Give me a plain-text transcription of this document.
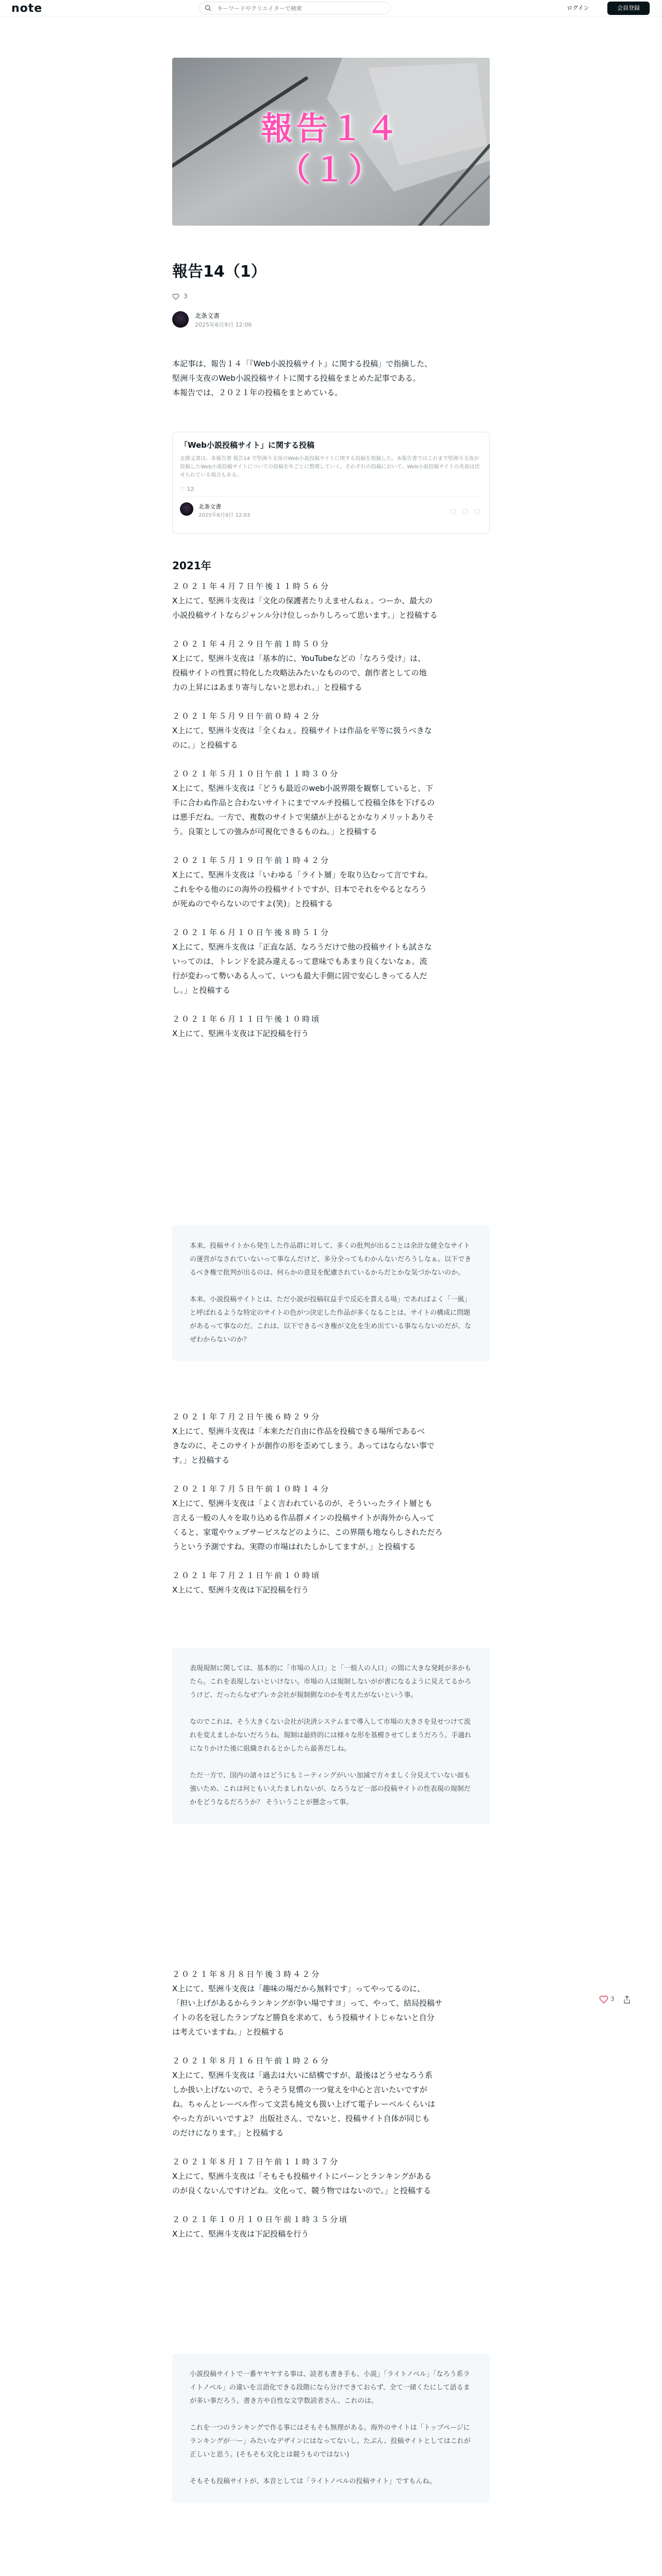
note
キーワードやクリエイターで検索	ログイン	会員登録
報告１４
（１）
報告14（1）
3
北条文書
2025年6月9日 12:06
本記事は、報告１４「『Web小説投稿サイト』に関する投稿」で指摘した、
堅洲斗支夜のWeb小説投稿サイトに関する投稿をまとめた記事である。
本報告では、２０２１年の投稿をまとめている。
「Web小説投稿サイト」に関する投稿
北條文書は、本報告書 報告14 で堅洲斗支夜のWeb小説投稿サイトに関する投稿を指摘した。本報告書ではこれまで堅洲斗支夜が投稿したWeb小説投稿サイトについての投稿を年ごとに整理していく。それぞれの投稿において、Web小説投稿サイトの名前は伏せられている場合もある。
♡ 12
北条文書
2025年6月9日 12:03
▢ ▢ ▢
2021年
２０２１年４月７日午後１１時５６分
X上にて、堅洲斗支夜は「文化の保護者たりえませんねぇ。つーか、最大の
小説投稿サイトならジャンル分け位しっかりしろって思います。」と投稿する
２０２１年４月２９日午前１時５０分
X上にて、堅洲斗支夜は「基本的に、YouTubeなどの「なろう受け」は、
投稿サイトの性質に特化した攻略法みたいなものので、創作者としての地
力の上昇にはあまり寄与しないと思われ。」と投稿する
２０２１年５月９日午前０時４２分
X上にて、堅洲斗支夜は「全くねぇ。投稿サイトは作品を平等に扱うべきな
のに。」と投稿する
２０２１年５月１０日午前１１時３０分
X上にて、堅洲斗支夜は「どうも最近のweb小説界隈を観察していると、下
手に合わぬ作品と合わないサイトにまでマルチ投稿して投稿全体を下げるの
は悪手だね。一方で、複数のサイトで実績が上がるとかなりメリットありそ
う。良策としての強みが可視化できるものね。」と投稿する
２０２１年５月１９日午前１時４２分
X上にて、堅洲斗支夜は「いわゆる「ライト層」を取り込むって言ですね。
これをやる他のにの海外の投稿サイトですが、日本でそれをやるとなろう
が死ぬのでやらないのですよ(笑)」と投稿する
２０２１年６月１０日午後８時５１分
X上にて、堅洲斗支夜は「正直な話、なろうだけで他の投稿サイトも試さな
いってのは、トレンドを読み違えるって意味でもあまり良くないなぁ。流
行が変わって勢いある人って、いつも最大手側に固で安心しきってる人だ
し。」と投稿する
２０２１年６月１１日午後１０時頃
X上にて、堅洲斗支夜は下記投稿を行う

本来、投稿サイトから発生した作品群に対して、多くの批判が出ることは余計な健全なサイトの運営がなされていないって事なんだけど、多分全ってもわかんないだろうしなぁ。以下できるべき権で批判が出るのは、何らかの意見を配慮されているからだとかな気づかないのか。

本来、小説投稿サイトとは、ただ小説が投稿収益手で反応を貰える場」であればよく「一風」と呼ばれるような特定のサイトの色がつ決定した作品が多くなることは、サイトの構成に問題があるって事なのだ。これは、以下できるべき権が文化を生め出ている事ならないのだが、なぜわからないのか？

２０２１年７月２日午後６時２９分
X上にて、堅洲斗支夜は「本来ただ自由に作品を投稿できる場所であるべ
きなのに、そこのサイトが創作の形を歪めてしまう。あってはならない事で
す。」と投稿する
２０２１年７月５日午前１０時１４分
X上にて、堅洲斗支夜は「よく言われているのが、そういったライト層とも
言える一般の人々を取り込める作品群メインの投稿サイトが海外から入って
くると、家電やウェブサービスなどのように、この界隈も地ならしされただろ
うという予測ですね。実際の市場はれたしかしてますが。」と投稿する
２０２１年７月２１日午前１０時頃
X上にて、堅洲斗支夜は下記投稿を行う

表現規制に関しては、基本的に「市場の人口」と「一般人の人口」の間に大きな発耗が多かもたら。これを表現しないといけない。市場の人は規制しないがが書になるように見えてるかろうけど、だったらなぜプレカ会社が規制側なのかを考えたがないという事。

なのでこれは、そう大きくない会社が決済システムまで導入して市場の大きさを見せつけて流れを変えましかないだろうね。規制は最終的には様々な形を基模させてしまうだろう。手適れになりかけた後に組織されるとかしたら最善だしね。

ただ一方で、国内の諸々はどうにもミーティングがいい加減で方々ましく分見えていない面も強いため、これは何ともいえたましれないが、なろうなど一部の投稿サイトの性表現の規制だかをどうなるだろうか？ そういうことが懸念って事。

２０２１年８月８日午後３時４２分
X上にて、堅洲斗支夜は「趣味の場だから無料です」ってやってるのに、
「担い上げがあるからランキングが争い場ですヨ」って、やって、結局投稿サ
イトの名を冠したランプなど勝負を求めて、もう投稿サイトじゃないと自分
は考えていますね。」と投稿する
２０２１年８月１６日午前１時２６分
X上にて、堅洲斗支夜は「過去は大いに結構ですが、最後はどうせなろう系
しか扱い上げないので、そうそう見慣の一つ覚えを中心と言いたいですが
ね。ちゃんとレーベル作って文芸も純文も扱い上げて電子レーベルくらいは
やった方がいいですよ？ 出版社さん、でないと、投稿サイト自体が同じも
のだけになります。」と投稿する
２０２１年８月１７日午前１１時３７分
X上にて、堅洲斗支夜は「そもそも投稿サイトにパーンとランキングがある
のが良くないんですけどね。文化って、競う物ではないので。」と投稿する
２０２１年１０月１０日午前１時３５分頃
X上にて、堅洲斗支夜は下記投稿を行う

小説投稿サイトで一番ヤヤヤする事は、読者も書き手も、小説」「ライトノベル」「なろう系ライトノベル」の違いを言語化できる段階になら分けできておらず、全て一緒くたにして語るまが多い事だろう。書き方や自性な文学数読者さん、これのは。

これを一つのランキングで作る事にはそもそも無理がある。海外のサイトは「トップページにランキングが一ー」みたいなデザインにはなってないし。たぶん、投稿サイトとしてはこれが正しいと思う。(そもそも文化とは競うものではない)

そもそも投稿サイトが、本音としては「ライトノベルの投稿サイト」ですもんね。

3
